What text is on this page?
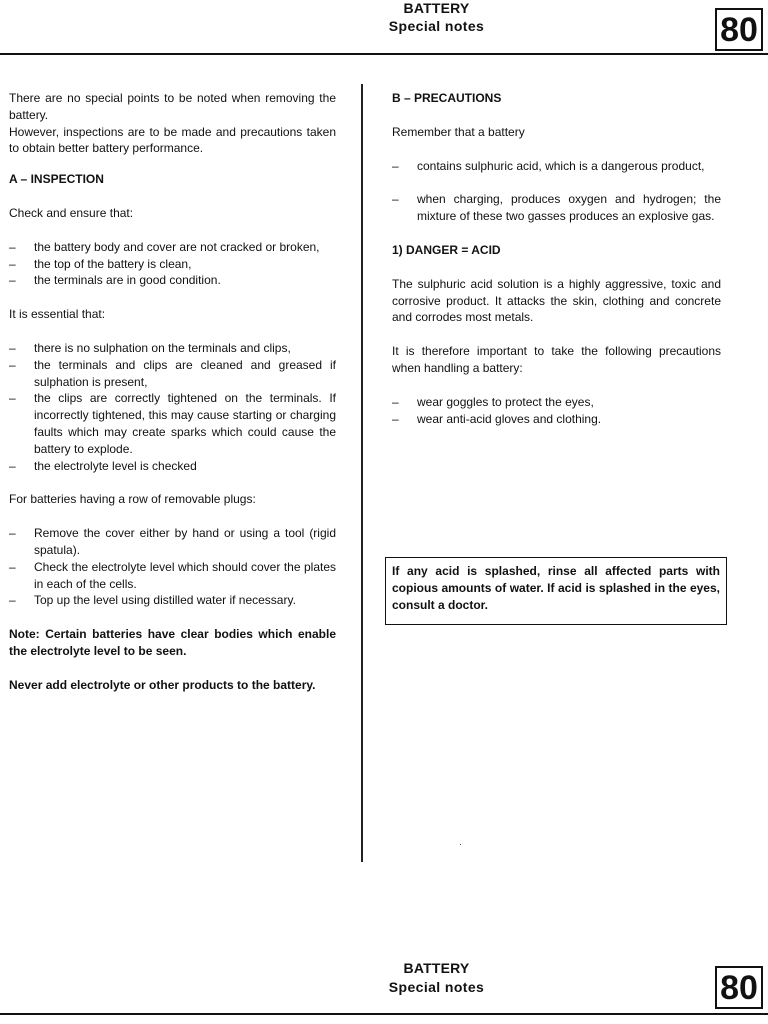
BATTERY
Special notes	80

There are no special points to be noted when removing the battery.

However, inspections are to be made and precautions taken to obtain better battery performance.

A – INSPECTION

Check and ensure that:

– the battery body and cover are not cracked or broken,
– the top of the battery is clean,
– the terminals are in good condition.

It is essential that:

– there is no sulphation on the terminals and clips,
– the terminals and clips are cleaned and greased if sulphation is present,
– the clips are correctly tightened on the terminals. If incorrectly tightened, this may cause starting or charging faults which may create sparks which could cause the battery to explode.
– the electrolyte level is checked

For batteries having a row of removable plugs:

– Remove the cover either by hand or using a tool (rigid spatula).
– Check the electrolyte level which should cover the plates in each of the cells.
– Top up the level using distilled water if necessary.

Note: Certain batteries have clear bodies which enable the electrolyte level to be seen.

Never add electrolyte or other products to the battery.

B – PRECAUTIONS

Remember that a battery

– contains sulphuric acid, which is a dangerous product,
– when charging, produces oxygen and hydrogen; the mixture of these two gasses produces an explosive gas.

1) DANGER = ACID

The sulphuric acid solution is a highly aggressive, toxic and corrosive product. It attacks the skin, clothing and concrete and corrodes most metals.

It is therefore important to take the following precautions when handling a battery:

– wear goggles to protect the eyes,
– wear anti-acid gloves and clothing.
If any acid is splashed, rinse all affected parts with copious amounts of water. If acid is splashed in the eyes, consult a doctor.
BATTERY
Special notes	80
